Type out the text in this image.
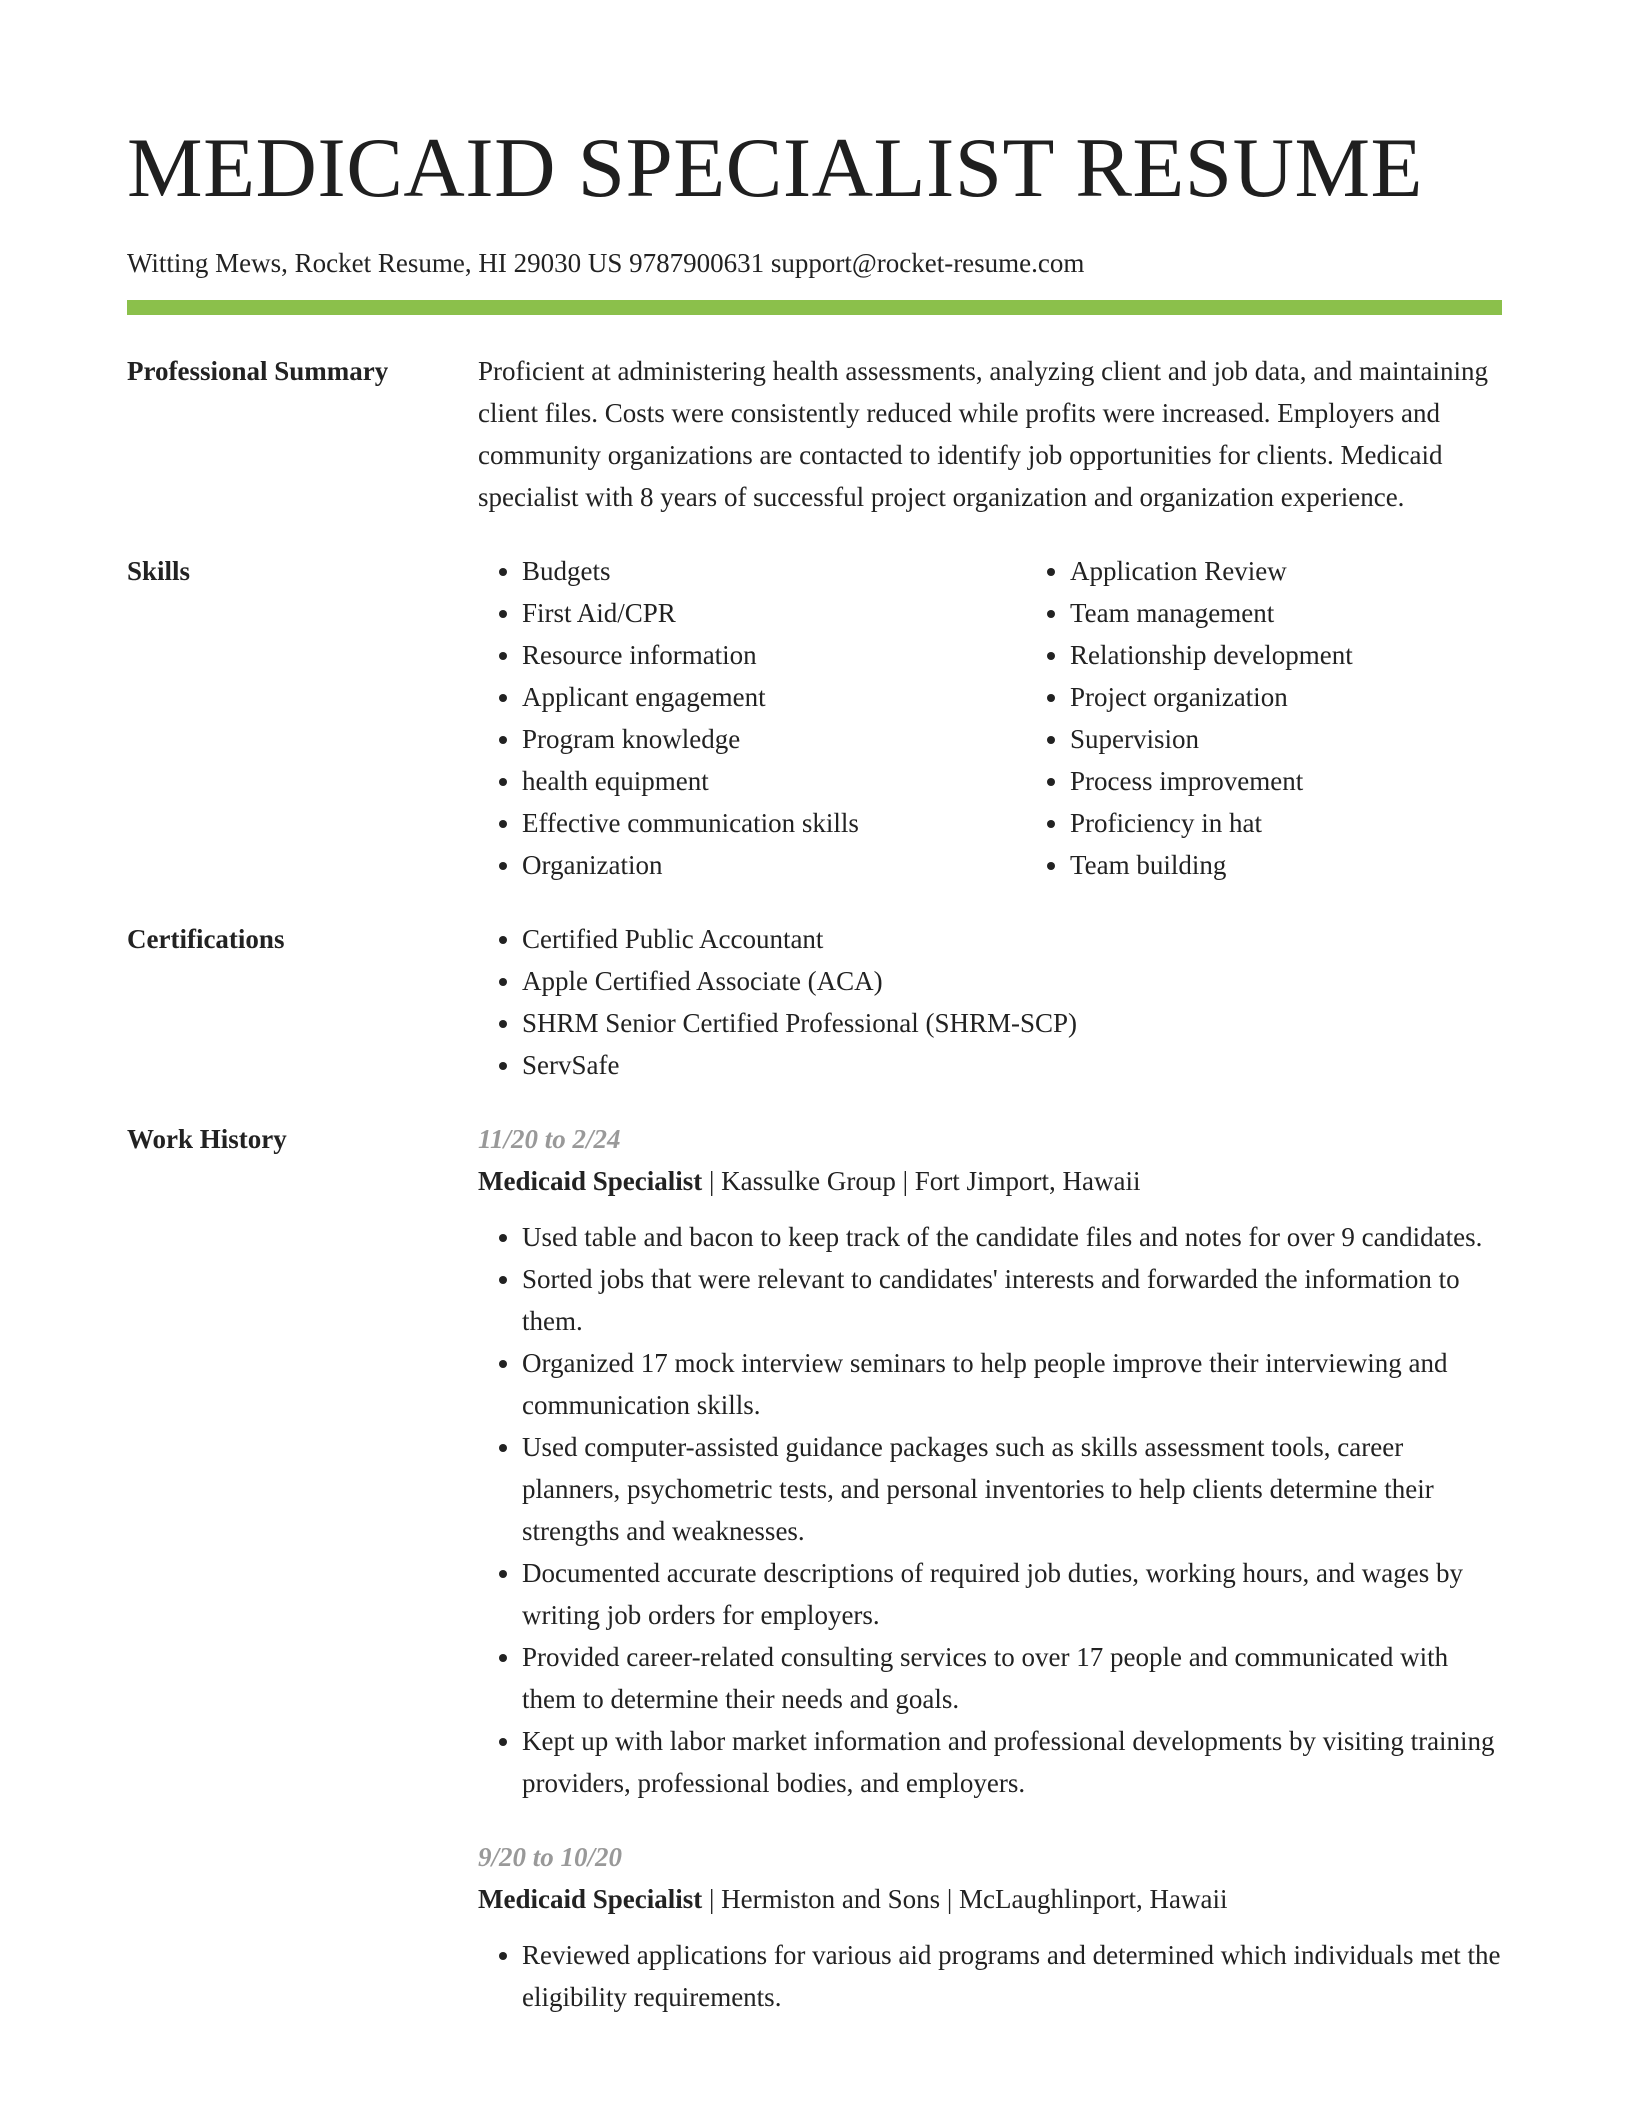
MEDICAID SPECIALIST RESUME
Witting Mews, Rocket Resume, HI 29030 US 9787900631 support@rocket-resume.com
Professional Summary	Proficient at administering health assessments, analyzing client and job data, and maintaining client files. Costs were consistently reduced while profits were increased. Employers and community organizations are contacted to identify job opportunities for clients. Medicaid specialist with 8 years of successful project organization and organization experience.
Skills	• Budgets
• First Aid/CPR
• Resource information
• Applicant engagement
• Program knowledge
• health equipment
• Effective communication skills
• Organization
• Application Review
• Team management
• Relationship development
• Project organization
• Supervision
• Process improvement
• Proficiency in hat
• Team building
Certifications	• Certified Public Accountant
• Apple Certified Associate (ACA)
• SHRM Senior Certified Professional (SHRM-SCP)
• ServSafe
Work History	11/20 to 2/24
Medicaid Specialist | Kassulke Group | Fort Jimport, Hawaii
• Used table and bacon to keep track of the candidate files and notes for over 9 candidates.
• Sorted jobs that were relevant to candidates' interests and forwarded the information to them.
• Organized 17 mock interview seminars to help people improve their interviewing and communication skills.
• Used computer-assisted guidance packages such as skills assessment tools, career planners, psychometric tests, and personal inventories to help clients determine their strengths and weaknesses.
• Documented accurate descriptions of required job duties, working hours, and wages by writing job orders for employers.
• Provided career-related consulting services to over 17 people and communicated with them to determine their needs and goals.
• Kept up with labor market information and professional developments by visiting training providers, professional bodies, and employers.
9/20 to 10/20
Medicaid Specialist | Hermiston and Sons | McLaughlinport, Hawaii
• Reviewed applications for various aid programs and determined which individuals met the eligibility requirements.
